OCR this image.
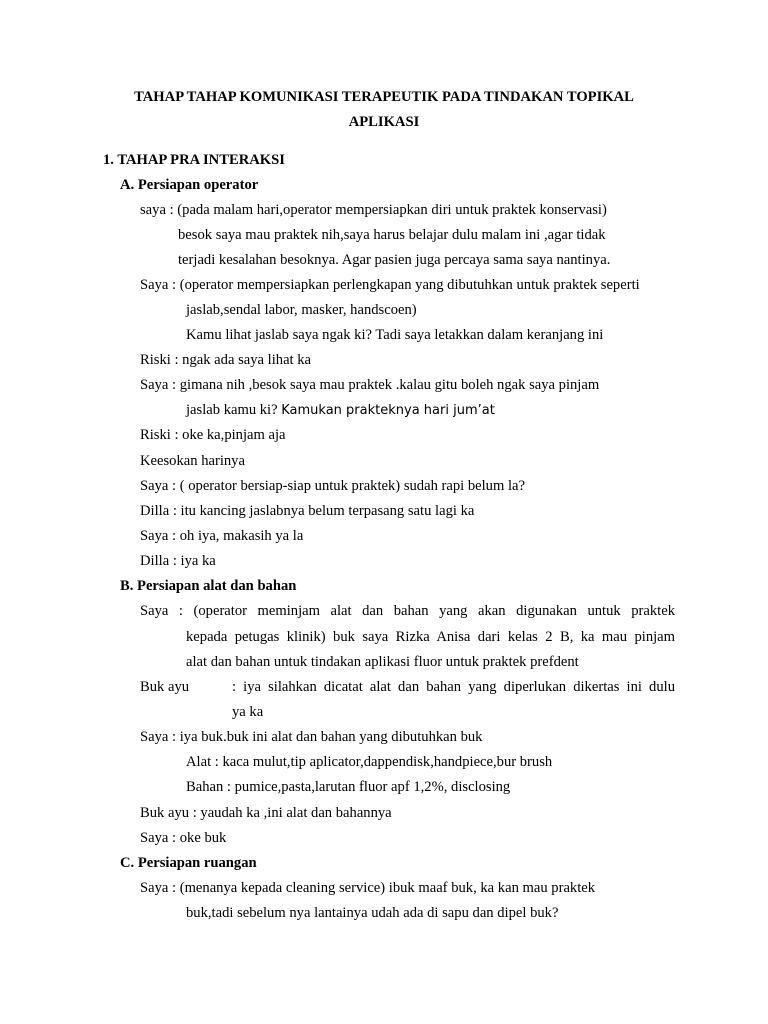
TAHAP TAHAP KOMUNIKASI TERAPEUTIK PADA TINDAKAN TOPIKAL
APLIKASI
1. TAHAP PRA INTERAKSI
A. Persiapan operator
saya : (pada malam hari,operator mempersiapkan diri untuk praktek konservasi)
besok saya mau praktek nih,saya harus belajar dulu malam ini ,agar tidak
terjadi kesalahan besoknya. Agar pasien juga percaya sama saya nantinya.
Saya : (operator mempersiapkan perlengkapan yang dibutuhkan untuk praktek seperti
jaslab,sendal labor, masker, handscoen)
Kamu lihat jaslab saya ngak ki? Tadi saya letakkan dalam keranjang ini
Riski : ngak ada saya lihat ka
Saya : gimana nih ,besok saya mau praktek .kalau gitu boleh ngak saya pinjam
jaslab kamu ki? Kamukan prakteknya hari jum’at
Riski : oke ka,pinjam aja
Keesokan harinya
Saya : ( operator bersiap-siap untuk praktek) sudah rapi belum la?
Dilla : itu kancing jaslabnya belum terpasang satu lagi ka
Saya : oh iya, makasih ya la
Dilla : iya ka
B. Persiapan alat dan bahan
Saya : (operator meminjam alat dan bahan yang akan digunakan untuk praktek
kepada petugas klinik) buk saya Rizka Anisa dari kelas 2 B, ka mau pinjam
alat dan bahan untuk tindakan aplikasi fluor untuk praktek prefdent
Buk ayu	: iya silahkan dicatat alat dan bahan yang diperlukan dikertas ini dulu
ya ka
Saya : iya buk.buk ini alat dan bahan yang dibutuhkan buk
Alat : kaca mulut,tip aplicator,dappendisk,handpiece,bur brush
Bahan : pumice,pasta,larutan fluor apf 1,2%, disclosing
Buk ayu : yaudah ka ,ini alat dan bahannya
Saya : oke buk
C. Persiapan ruangan
Saya : (menanya kepada cleaning service) ibuk maaf buk, ka kan mau praktek
buk,tadi sebelum nya lantainya udah ada di sapu dan dipel buk?
